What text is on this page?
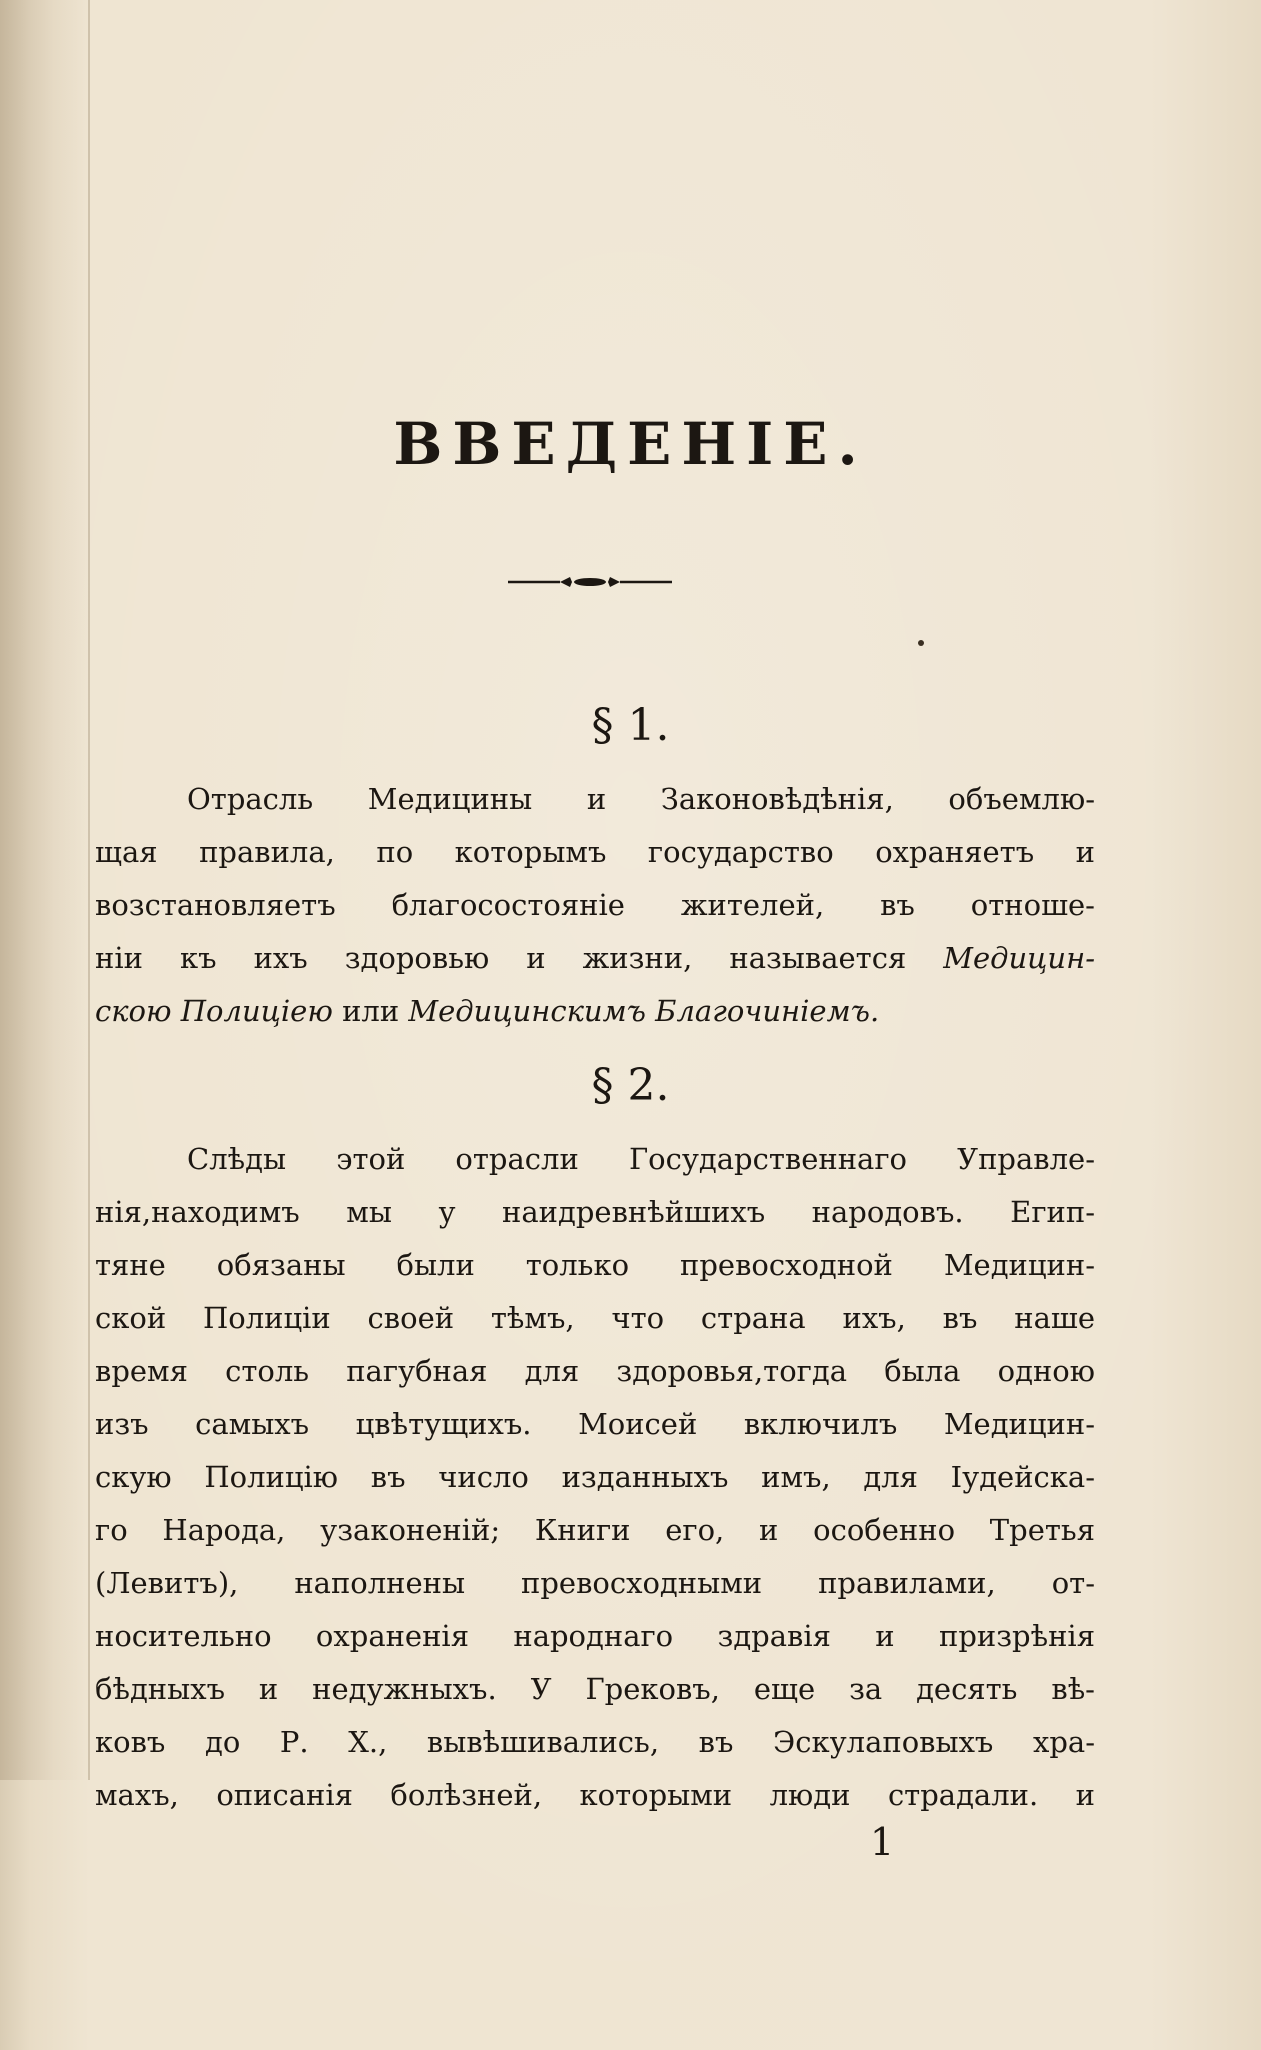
ВВЕДЕНІЕ.

§ 1.

Отрасль Медицины и Законовѣдѣнія, объемлю-
щая правила, по которымъ государство охраняетъ и
возстановляетъ благосостояніе жителей, въ отноше-
ніи къ ихъ здоровью и жизни, называется Медицин-
скою Полиціею или Медицинскимъ Благочиніемъ.

§ 2.

Слѣды этой отрасли Государственнаго Управле-
нія,находимъ мы у наидревнѣйшихъ народовъ. Егип-
тяне обязаны были только превосходной Медицин-
ской Полиціи своей тѣмъ, что страна ихъ, въ наше
время столь пагубная для здоровья,тогда была одною
изъ самыхъ цвѣтущихъ. Моисей включилъ Медицин-
скую Полицію въ число изданныхъ имъ, для Іудейска-
го Народа, узаконеній; Книги его, и особенно Третья
(Левитъ), наполнены превосходными правилами, от-
носительно охраненія народнаго здравія и призрѣнія
бѣдныхъ и недужныхъ. У Грековъ, еще за десять вѣ-
ковъ до Р. Х., вывѣшивались, въ Эскулаповыхъ хра-
махъ, описанія болѣзней, которыми люди страдали. и

1
